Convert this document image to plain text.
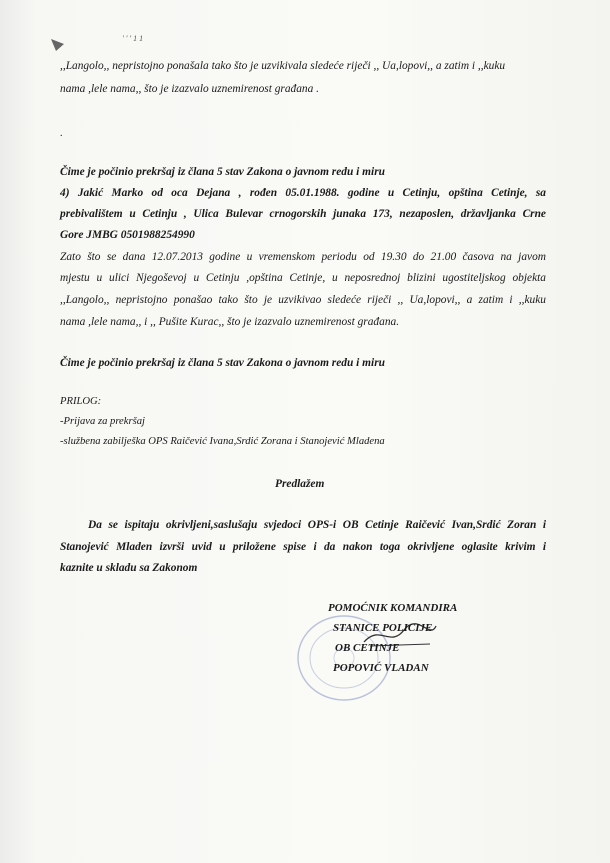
' ' ' 1 1
,,Langolo,, nepristojno ponašala tako što je uzvikivala sledeće riječi ,, Ua,lopovi,, a zatim i ,,kuku
nama ,lele nama,, što je izazvalo uznemirenost građana .
.
Čime je počinio prekršaj iz člana 5 stav Zakona o javnom redu i miru
4) Jakić Marko od oca Dejana , rođen 05.01.1988. godine u Cetinju, opština Cetinje, sa
prebivalištem u Cetinju , Ulica Bulevar crnogorskih junaka 173, nezaposlen, državljanka Crne
Gore JMBG 0501988254990
Zato što se dana 12.07.2013 godine u vremenskom periodu od 19.30 do 21.00 časova na javom
mjestu u ulici Njegoševoj u Cetinju ,opština Cetinje, u neposrednoj blizini ugostiteljskog objekta
,,Langolo,, nepristojno ponašao tako što je uzvikivao sledeće riječi ,, Ua,lopovi,, a zatim i ,,kuku
nama ,lele nama,, i ,, Pušite Kurac,, što je izazvalo uznemirenost građana.
Čime je počinio prekršaj iz člana 5 stav Zakona o javnom redu i miru
PRILOG:
-Prijava za prekršaj
-službena zabilješka OPS Raičević Ivana,Srdić Zorana i Stanojević Mladena
Predlažem
Da se ispitaju okrivljeni,saslušaju svjedoci OPS-i OB Cetinje Raičević Ivan,Srdić Zoran i
Stanojević Mladen izvrši uvid u priložene spise i da nakon toga okrivljene oglasite krivim i
kaznite u skladu sa Zakonom
POMOĆNIK KOMANDIRA
STANICE POLICIJE
OB CETINJE
POPOVIĆ VLADAN
